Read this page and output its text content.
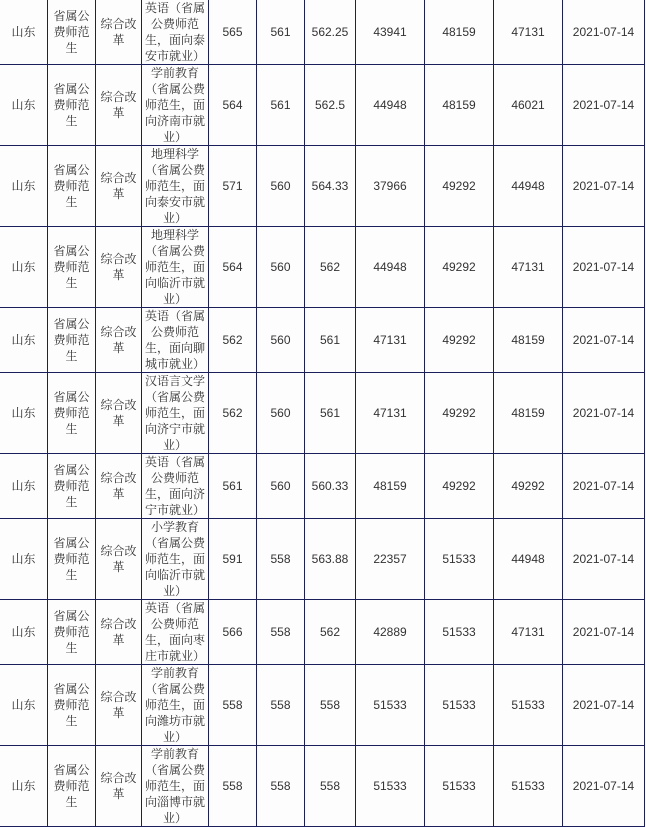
山东	省属公费师范生	综合改革	英语（省属公费师范生，面向泰安市就业）	565	561	562.25	43941	48159	47131	2021-07-14
山东	省属公费师范生	综合改革	学前教育（省属公费师范生，面向济南市就业）	564	561	562.5	44948	48159	46021	2021-07-14
山东	省属公费师范生	综合改革	地理科学（省属公费师范生，面向泰安市就业）	571	560	564.33	37966	49292	44948	2021-07-14
山东	省属公费师范生	综合改革	地理科学（省属公费师范生，面向临沂市就业）	564	560	562	44948	49292	47131	2021-07-14
山东	省属公费师范生	综合改革	英语（省属公费师范生，面向聊城市就业）	562	560	561	47131	49292	48159	2021-07-14
山东	省属公费师范生	综合改革	汉语言文学（省属公费师范生，面向济宁市就业）	562	560	561	47131	49292	48159	2021-07-14
山东	省属公费师范生	综合改革	英语（省属公费师范生，面向济宁市就业）	561	560	560.33	48159	49292	49292	2021-07-14
山东	省属公费师范生	综合改革	小学教育（省属公费师范生，面向临沂市就业）	591	558	563.88	22357	51533	44948	2021-07-14
山东	省属公费师范生	综合改革	英语（省属公费师范生，面向枣庄市就业）	566	558	562	42889	51533	47131	2021-07-14
山东	省属公费师范生	综合改革	学前教育（省属公费师范生，面向潍坊市就业）	558	558	558	51533	51533	51533	2021-07-14
山东	省属公费师范生	综合改革	学前教育（省属公费师范生，面向淄博市就业）	558	558	558	51533	51533	51533	2021-07-14
